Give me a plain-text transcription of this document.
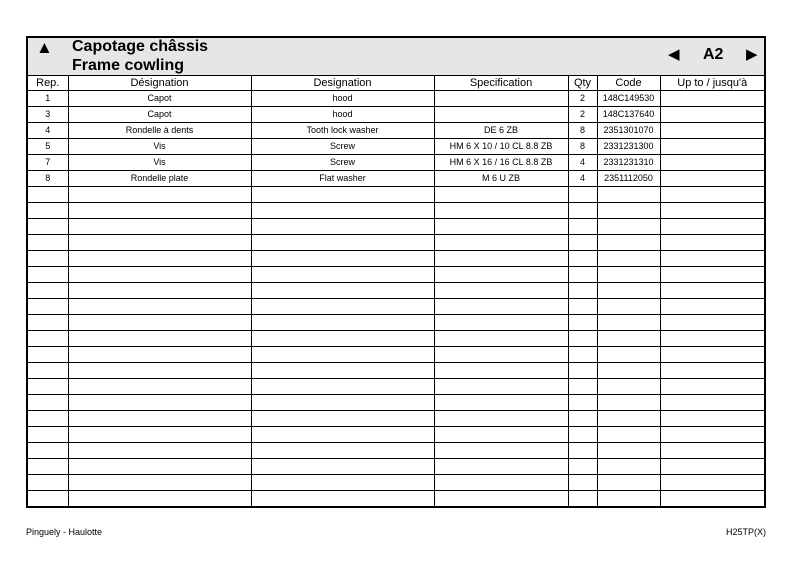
▲ Capotage châssis
Frame cowling
◀ A2 ▶
Rep.	Désignation	Designation	Specification	Qty	Code	Up to / jusqu'à
1	Capot	hood		2	148C149530	
3	Capot	hood		2	148C137640	
4	Rondelle à dents	Tooth lock washer	DE 6 ZB	8	2351301070	
5	Vis	Screw	HM 6 X 10 / 10 CL 8.8 ZB	8	2331231300	
7	Vis	Screw	HM 6 X 16 / 16 CL 8.8 ZB	4	2331231310	
8	Rondelle plate	Flat washer	M 6 U ZB	4	2351112050	

Pinguely - Haulotte	H25TP(X)
